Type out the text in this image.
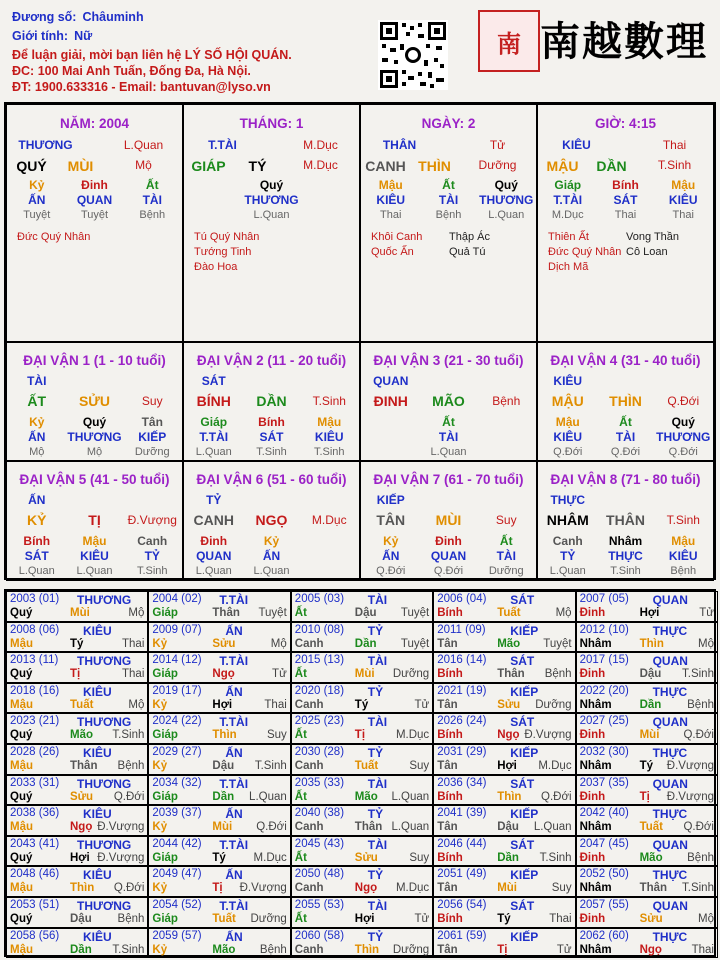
Đương số: Châuminh
Giới tính: Nữ
Để luận giải, mời bạn liên hệ LÝ SỐ HỘI QUÁN.
ĐC: 100 Mai Anh Tuấn, Đống Đa, Hà Nội.
ĐT: 1900.633316 - Email: bantuvan@lyso.vn
南 南越數理
NĂM: 2004
THƯƠNG	L.Quan
QUÝ MÙI	Mộ
Kỷ
ẤN
Tuyệt
Đinh
QUAN
Tuyệt
Ất
TÀI
Bệnh
Đức Quý Nhân
THÁNG: 1
T.TÀI	M.Dục
GIÁP TÝ	M.Dục
Quý
THƯƠNG
L.Quan
Tú Quý Nhân
Tướng Tinh
Đào Hoa
NGÀY: 2
THÂN	Tử
CANH THÌN Dưỡng
Mậu
KIÊU
Thai
Ất
TÀI
Bệnh
Quý
THƯƠNG
L.Quan
Khôi Canh
Quốc Ấn
Thập Ác
Quả Tú
GIỜ: 4:15
KIÊU	Thai
MẬU DẦN	T.Sinh
Giáp
T.TÀI
M.Dục
Bính
SÁT
Thai
Mậu
KIÊU
Thai
Thiên Ất
Đức Quý Nhân
Dịch Mã
Vong Thần
Cô Loan
ĐẠI VẬN 1 (1 - 10 tuổi)
TÀI
ẤT SỬU	Suy
Kỷ
ẤN
Mộ
Quý
THƯƠNG
Mộ
Tân
KIẾP
Dưỡng
ĐẠI VẬN 2 (11 - 20 tuổi)
SÁT
BÍNH DẦN T.Sinh
Giáp
T.TÀI
L.Quan
Bính
SÁT
T.Sinh
Mậu
KIÊU
T.Sinh
ĐẠI VẬN 3 (21 - 30 tuổi)
QUAN
ĐINH MÃO Bệnh
Ất
TÀI
L.Quan
ĐẠI VẬN 4 (31 - 40 tuổi)
KIÊU
MẬU THÌN Q.Đới
Mậu
KIÊU
Q.Đới
Ất
TÀI
Q.Đới
Quý
THƯƠNG
Q.Đới
ĐẠI VẬN 5 (41 - 50 tuổi)
ẤN
KỶ	TỊ Đ.Vượng
Bính
SÁT
L.Quan
Mậu
KIÊU
L.Quan
Canh
TỶ
T.Sinh
ĐẠI VẬN 6 (51 - 60 tuổi)
TỶ
CANH NGỌ M.Dục
Đinh
QUAN
L.Quan
Kỷ
ẤN
L.Quan
ĐẠI VẬN 7 (61 - 70 tuổi)
KIẾP
TÂN MÙI	Suy
Kỷ
ẤN
Q.Đới
Đinh
QUAN
Q.Đới
Ất
TÀI
Dưỡng
ĐẠI VẬN 8 (71 - 80 tuổi)
THỰC
NHÂM THÂN T.Sinh
Canh
TỶ
L.Quan
Nhâm
THỰC
T.Sinh
Mậu
KIÊU
Bệnh
2003 (01) THƯƠNG
Quý	Mùi	Mộ
2004 (02) T.TÀI
Giáp	Thân Tuyệt
2005 (03) TÀI
Ất	Dậu Tuyệt
2006 (04) SÁT
Bính	Tuất	Mộ
2007 (05) QUAN
Đinh	Hợi	Tử
2008 (06) KIÊU
Mậu	Tý	Thai
2009 (07) ẤN
Kỷ	Sửu	Mộ
2010 (08) TỶ
Canh	Dần Tuyệt
2011 (09) KIẾP
Tân	Mão Tuyệt
2012 (10) THỰC
Nhâm Thìn	Mộ
2013 (11) THƯƠNG
Quý	Tị	Thai
2014 (12) T.TÀI
Giáp	Ngọ	Tử
2015 (13) TÀI
Ất	Mùi Dưỡng
2016 (14) SÁT
Bính	Thân Bệnh
2017 (15) QUAN
Đinh	Dậu T.Sinh
2018 (16) KIÊU
Mậu	Tuất	Mộ
2019 (17) ẤN
Kỷ	Hợi	Thai
2020 (18) TỶ
Canh	Tý	Tử
2021 (19) KIẾP
Tân	Sửu Dưỡng
2022 (20) THỰC
Nhâm Dần Bệnh
2023 (21) THƯƠNG
Quý	Mão T.Sinh
2024 (22) T.TÀI
Giáp	Thìn	Suy
2025 (23) TÀI
Ất	Tị	M.Dục
2026 (24) SÁT
Bính	Ngọ Đ.Vượng
2027 (25) QUAN
Đinh	Mùi Q.Đới
2028 (26) KIÊU
Mậu	Thân Bệnh
2029 (27) ẤN
Kỷ	Dậu T.Sinh
2030 (28) TỶ
Canh	Tuất	Suy
2031 (29) KIẾP
Tân	Hợi M.Dục
2032 (30) THỰC
Nhâm Tý Đ.Vượng
2033 (31) THƯƠNG
Quý	Sửu Q.Đới
2034 (32) T.TÀI
Giáp	Dần L.Quan
2035 (33) TÀI
Ất	Mão L.Quan
2036 (34) SÁT
Bính	Thìn Q.Đới
2037 (35) QUAN
Đinh	Tị Đ.Vượng
2038 (36) KIÊU
Mậu	Ngọ Đ.Vượng
2039 (37) ẤN
Kỷ	Mùi Q.Đới
2040 (38) TỶ
Canh	Thân L.Quan
2041 (39) KIẾP
Tân	Dậu L.Quan
2042 (40) THỰC
Nhâm Tuất Q.Đới
2043 (41) THƯƠNG
Quý	Hợi Đ.Vượng
2044 (42) T.TÀI
Giáp	Tý M.Dục
2045 (43) TÀI
Ất	Sửu	Suy
2046 (44) SÁT
Bính	Dần T.Sinh
2047 (45) QUAN
Đinh	Mão Bệnh
2048 (46) KIÊU
Mậu	Thìn Q.Đới
2049 (47) ẤN
Kỷ	Tị Đ.Vượng
2050 (48) TỶ
Canh	Ngọ M.Dục
2051 (49) KIẾP
Tân	Mùi	Suy
2052 (50) THỰC
Nhâm Thân T.Sinh
2053 (51) THƯƠNG
Quý	Dậu Bệnh
2054 (52) T.TÀI
Giáp	Tuất Dưỡng
2055 (53) TÀI
Ất	Hợi	Tử
2056 (54) SÁT
Bính	Tý	Thai
2057 (55) QUAN
Đinh	Sửu	Mộ
2058 (56) KIÊU
Mậu	Dần T.Sinh
2059 (57) ẤN
Kỷ	Mão Bệnh
2060 (58) TỶ
Canh	Thìn Dưỡng
2061 (59) KIẾP
Tân	Tị	Tử
2062 (60) THỰC
Nhâm Ngọ	Thai
